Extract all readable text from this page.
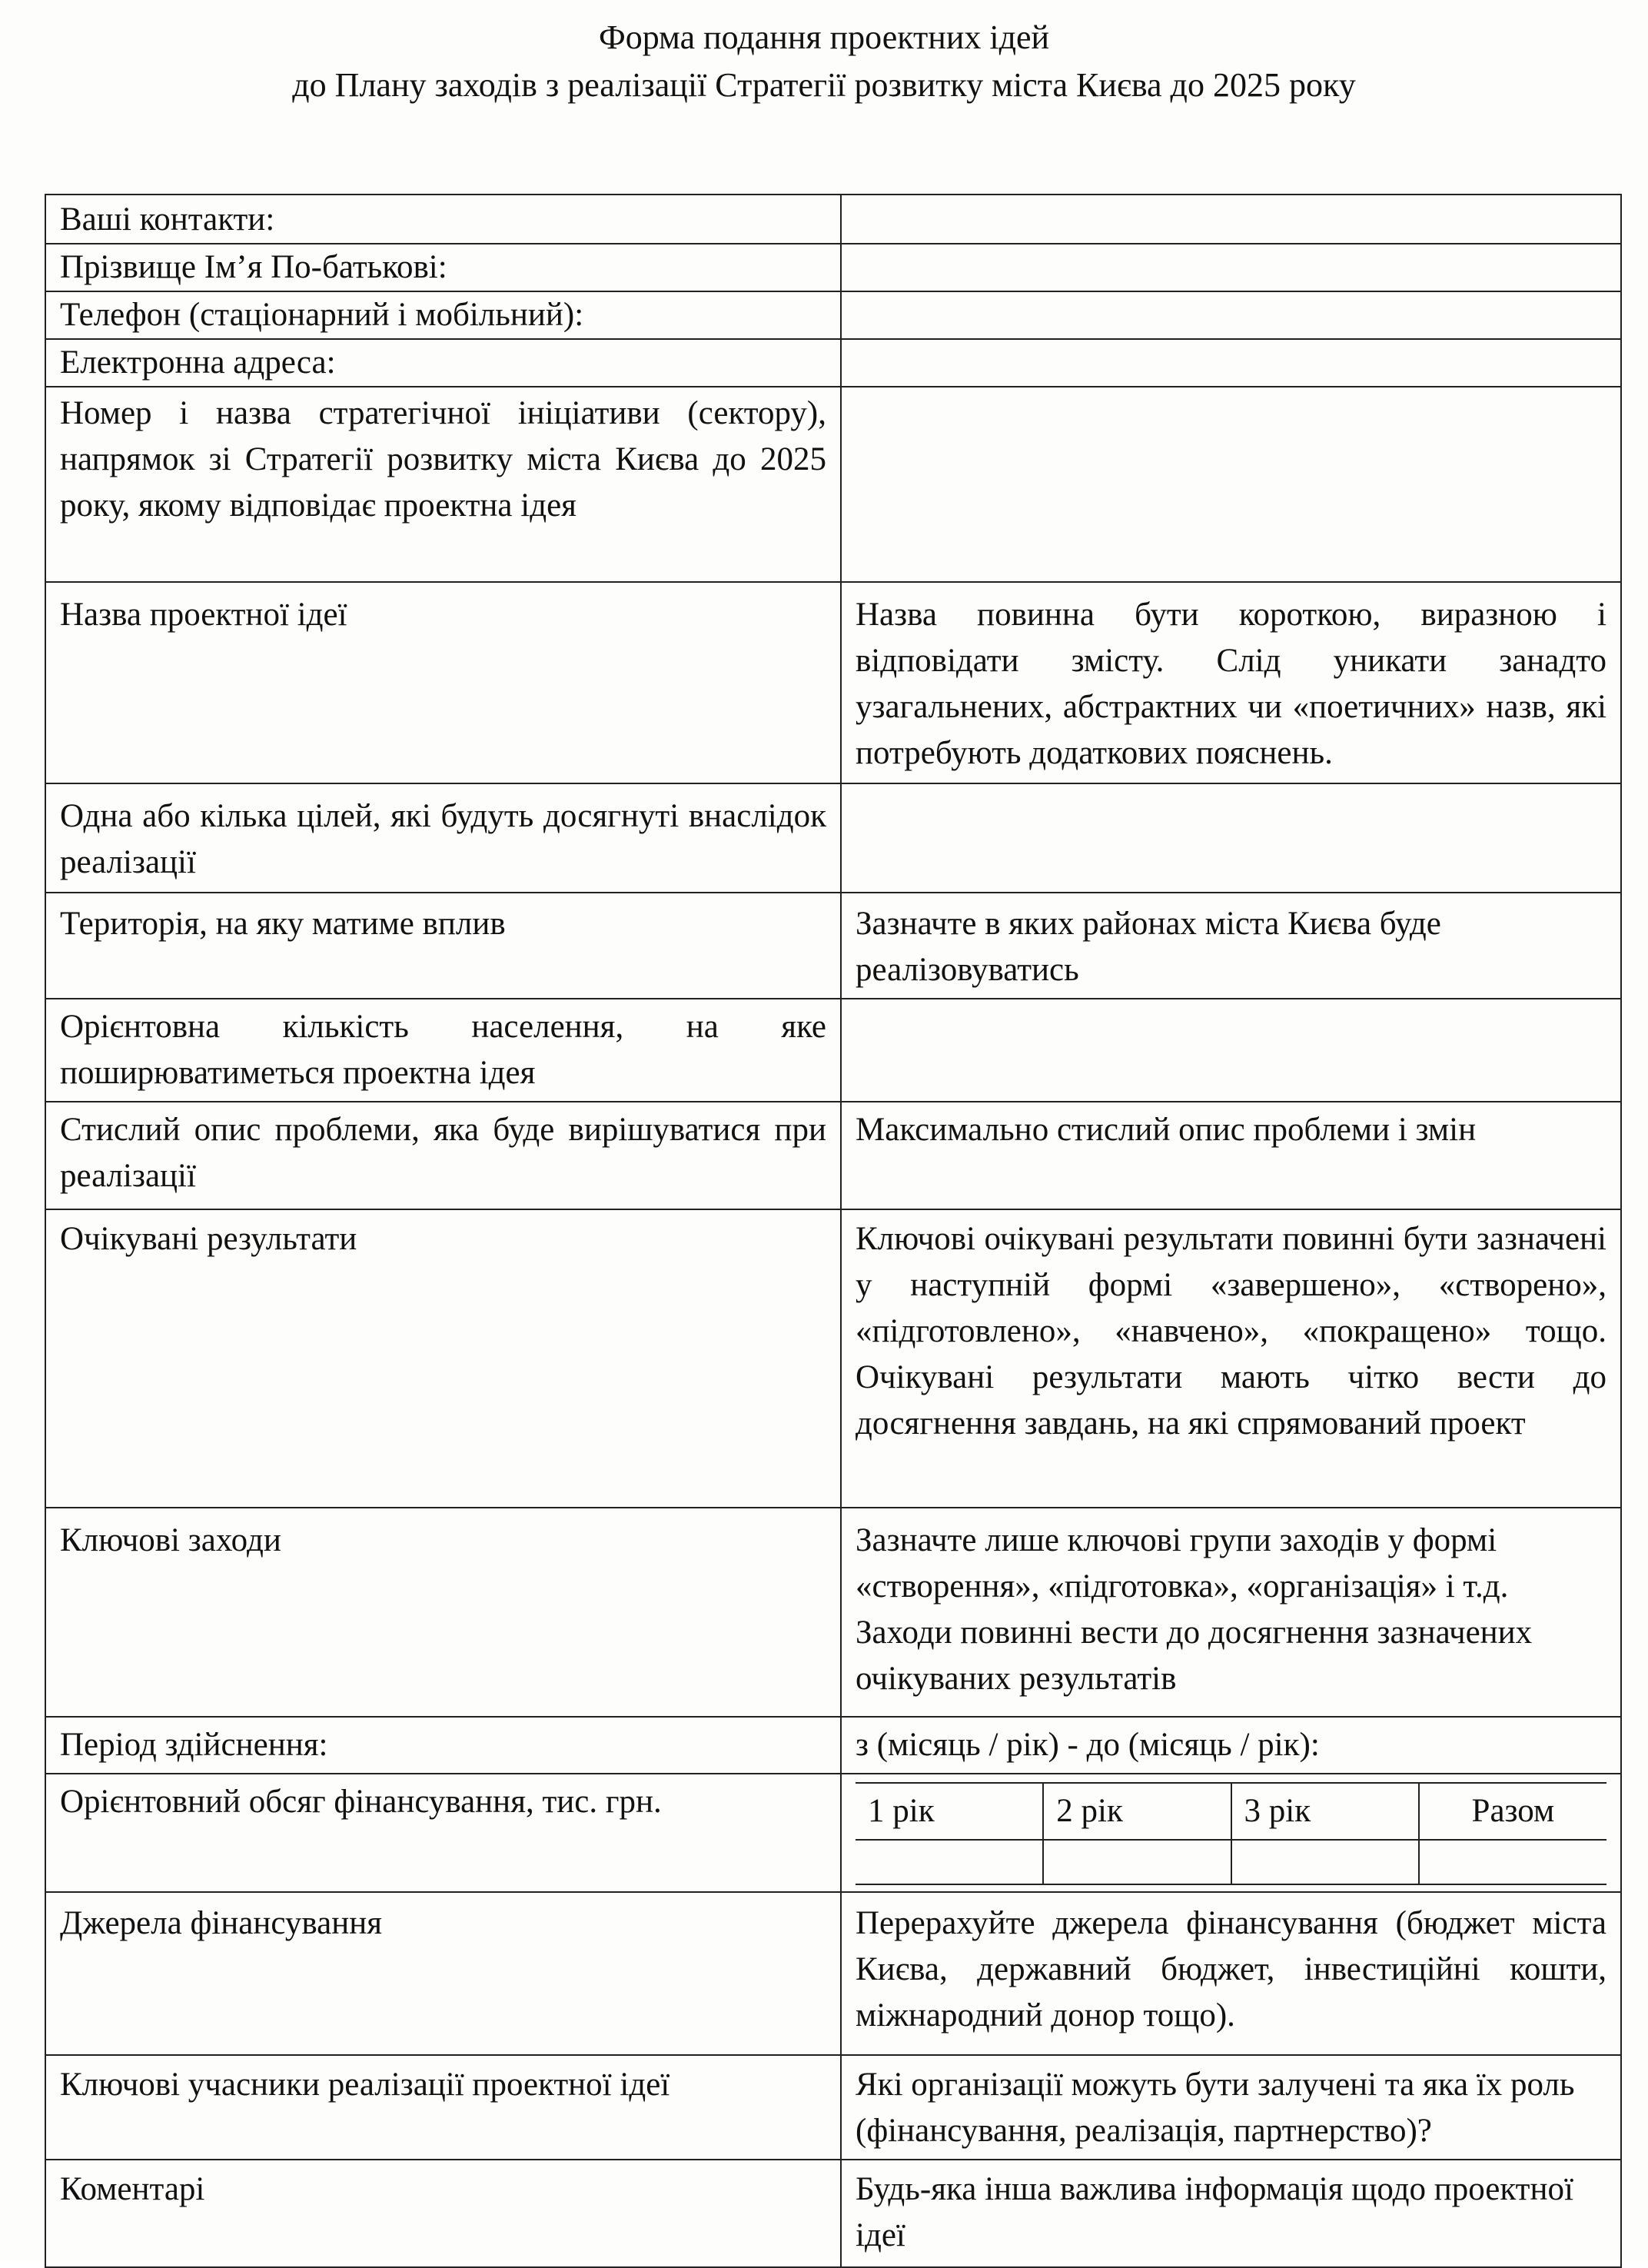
Форма подання проектних ідей
до Плану заходів з реалізації Стратегії розвитку міста Києва до 2025 року
Ваші контакти:	
Прізвище Ім’я По-батькові:	
Телефон (стаціонарний і мобільний):	
Електронна адреса:	
Номер і назва стратегічної ініціативи (сектору), напрямок зі Стратегії розвитку міста Києва до 2025 року, якому відповідає проектна ідея	
Назва проектної ідеї	Назва повинна бути короткою, виразною і відповідати змісту. Слід уникати занадто узагальнених, абстрактних чи «поетичних» назв, які потребують додаткових пояснень.
Одна або кілька цілей, які будуть досягнуті внаслідок реалізації	
Територія, на яку матиме вплив	Зазначте в яких районах міста Києва буде реалізовуватись
Орієнтовна кількість населення, на яке поширюватиметься проектна ідея	
Стислий опис проблеми, яка буде вирішуватися при реалізації	Максимально стислий опис проблеми і змін
Очікувані результати	Ключові очікувані результати повинні бути зазначені у наступній формі «завершено», «створено», «підготовлено», «навчено», «покращено» тощо. Очікувані результати мають чітко вести до досягнення завдань, на які спрямований проект
Ключові заходи	Зазначте лише ключові групи заходів у формі «створення», «підготовка», «організація» і т.д. Заходи повинні вести до досягнення зазначених очікуваних результатів
Період здійснення:	з (місяць / рік) - до (місяць / рік):
Орієнтовний обсяг фінансування, тис. грн.		1 рік	2 рік	3 рік	Разом

Джерела фінансування	Перерахуйте джерела фінансування (бюджет міста Києва, державний бюджет, інвестиційні кошти, міжнародний донор тощо).
Ключові учасники реалізації проектної ідеї	Які організації можуть бути залучені та яка їх роль (фінансування, реалізація, партнерство)?
Коментарі	Будь-яка інша важлива інформація щодо проектної ідеї
